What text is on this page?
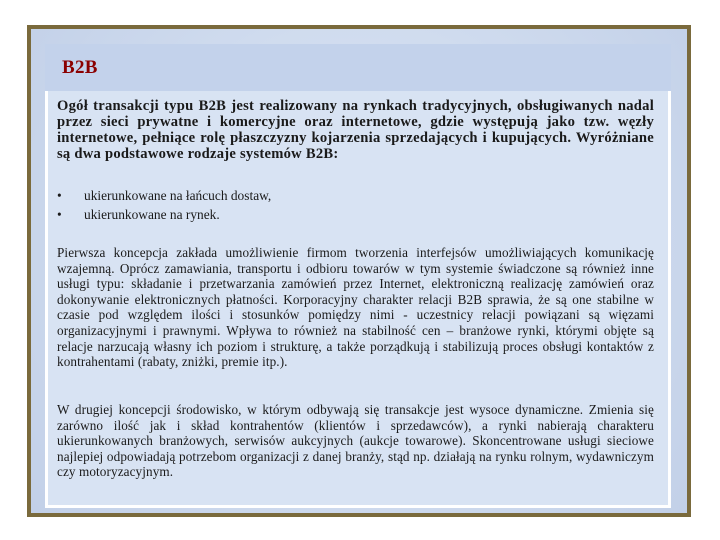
B2B
Ogół transakcji typu B2B jest realizowany na rynkach tradycyjnych, obsługiwanych nadal przez sieci prywatne i komercyjne oraz internetowe, gdzie występują jako tzw. węzły internetowe, pełniące rolę płaszczyzny kojarzenia sprzedających i kupujących. Wyróżniane są dwa podstawowe rodzaje systemów B2B:
•	ukierunkowane na łańcuch dostaw,
•	ukierunkowane na rynek.
Pierwsza koncepcja zakłada umożliwienie firmom tworzenia interfejsów umożliwiających komunikację wzajemną. Oprócz zamawiania, transportu i odbioru towarów w tym systemie świadczone są również inne usługi typu: składanie i przetwarzania zamówień przez Internet, elektroniczną realizację zamówień oraz dokonywanie elektronicznych płatności. Korporacyjny charakter relacji B2B sprawia, że są one stabilne w czasie pod względem ilości i stosunków pomiędzy nimi - uczestnicy relacji powiązani są więzami organizacyjnymi i prawnymi. Wpływa to również na stabilność cen – branżowe rynki, którymi objęte są relacje narzucają własny ich poziom i strukturę, a także porządkują i stabilizują proces obsługi kontaktów z kontrahentami (rabaty, zniżki, premie itp.).
W drugiej koncepcji środowisko, w którym odbywają się transakcje jest wysoce dynamiczne. Zmienia się zarówno ilość jak i skład kontrahentów (klientów i sprzedawców), a rynki nabierają charakteru ukierunkowanych branżowych, serwisów aukcyjnych (aukcje towarowe). Skoncentrowane usługi sieciowe najlepiej odpowiadają potrzebom organizacji z danej branży, stąd np. działają na rynku rolnym, wydawniczym czy motoryzacyjnym.
